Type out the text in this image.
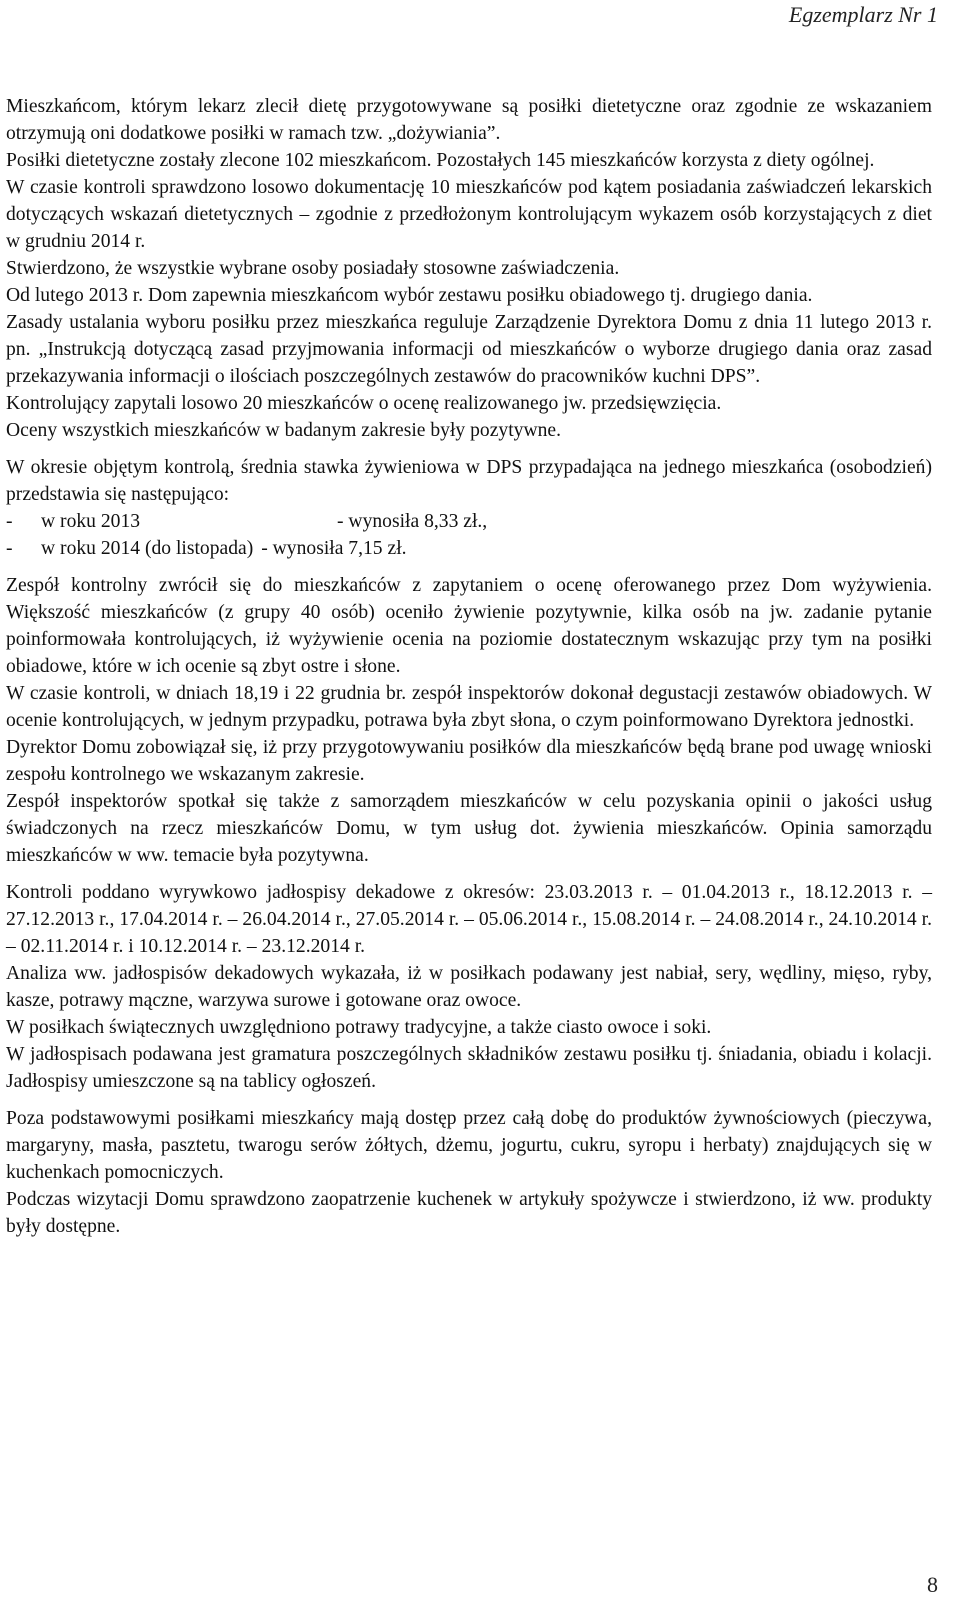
Egzemplarz Nr 1

Mieszkańcom, którym lekarz zlecił dietę przygotowywane są posiłki dietetyczne oraz zgodnie ze wskazaniem otrzymują oni dodatkowe posiłki w ramach tzw. „dożywiania”.

Posiłki dietetyczne zostały zlecone 102 mieszkańcom. Pozostałych 145 mieszkańców korzysta z diety ogólnej.

W czasie kontroli sprawdzono losowo dokumentację 10 mieszkańców pod kątem posiadania zaświadczeń lekarskich dotyczących wskazań dietetycznych – zgodnie z przedłożonym kontrolującym wykazem osób korzystających z diet w grudniu 2014 r.

Stwierdzono, że wszystkie wybrane osoby posiadały stosowne zaświadczenia.

Od lutego 2013 r. Dom zapewnia mieszkańcom wybór zestawu posiłku obiadowego tj. drugiego dania.

Zasady ustalania wyboru posiłku przez mieszkańca reguluje Zarządzenie Dyrektora Domu z dnia 11 lutego 2013 r. pn. „Instrukcją dotyczącą zasad przyjmowania informacji od mieszkańców o wyborze drugiego dania oraz zasad przekazywania informacji o ilościach poszczególnych zestawów do pracowników kuchni DPS”.

Kontrolujący zapytali losowo 20 mieszkańców o ocenę realizowanego jw. przedsięwzięcia.

Oceny wszystkich mieszkańców w badanym zakresie były pozytywne.

W okresie objętym kontrolą, średnia stawka żywieniowa w DPS przypadająca na jednego mieszkańca (osobodzień) przedstawia się następująco:

-	w roku 2013	- wynosiła 8,33 zł.,
-	w roku 2014 (do listopada) - wynosiła 7,15 zł.

Zespół kontrolny zwrócił się do mieszkańców z zapytaniem o ocenę oferowanego przez Dom wyżywienia. Większość mieszkańców (z grupy 40 osób) oceniło żywienie pozytywnie, kilka osób na jw. zadanie pytanie poinformowała kontrolujących, iż wyżywienie ocenia na poziomie dostatecznym wskazując przy tym na posiłki obiadowe, które w ich ocenie są zbyt ostre i słone.

W czasie kontroli, w dniach 18,19 i 22 grudnia br. zespół inspektorów dokonał degustacji zestawów obiadowych. W ocenie kontrolujących, w jednym przypadku, potrawa była zbyt słona, o czym poinformowano Dyrektora jednostki.

Dyrektor Domu zobowiązał się, iż przy przygotowywaniu posiłków dla mieszkańców będą brane pod uwagę wnioski zespołu kontrolnego we wskazanym zakresie.

Zespół inspektorów spotkał się także z samorządem mieszkańców w celu pozyskania opinii o jakości usług świadczonych na rzecz mieszkańców Domu, w tym usług dot. żywienia mieszkańców. Opinia samorządu mieszkańców w ww. temacie była pozytywna.

Kontroli poddano wyrywkowo jadłospisy dekadowe z okresów: 23.03.2013 r. – 01.04.2013 r., 18.12.2013 r. – 27.12.2013 r., 17.04.2014 r. – 26.04.2014 r., 27.05.2014 r. – 05.06.2014 r., 15.08.2014 r. – 24.08.2014 r., 24.10.2014 r. – 02.11.2014 r. i 10.12.2014 r. – 23.12.2014 r.

Analiza ww. jadłospisów dekadowych wykazała, iż w posiłkach podawany jest nabiał, sery, wędliny, mięso, ryby, kasze, potrawy mączne, warzywa surowe i gotowane oraz owoce.

W posiłkach świątecznych uwzględniono potrawy tradycyjne, a także ciasto owoce i soki.

W jadłospisach podawana jest gramatura poszczególnych składników zestawu posiłku tj. śniadania, obiadu i kolacji. Jadłospisy umieszczone są na tablicy ogłoszeń.

Poza podstawowymi posiłkami mieszkańcy mają dostęp przez całą dobę do produktów żywnościowych (pieczywa, margaryny, masła, pasztetu, twarogu serów żółtych, dżemu, jogurtu, cukru, syropu i herbaty) znajdujących się w kuchenkach pomocniczych.

Podczas wizytacji Domu sprawdzono zaopatrzenie kuchenek w artykuły spożywcze i stwierdzono, iż ww. produkty były dostępne.

8
